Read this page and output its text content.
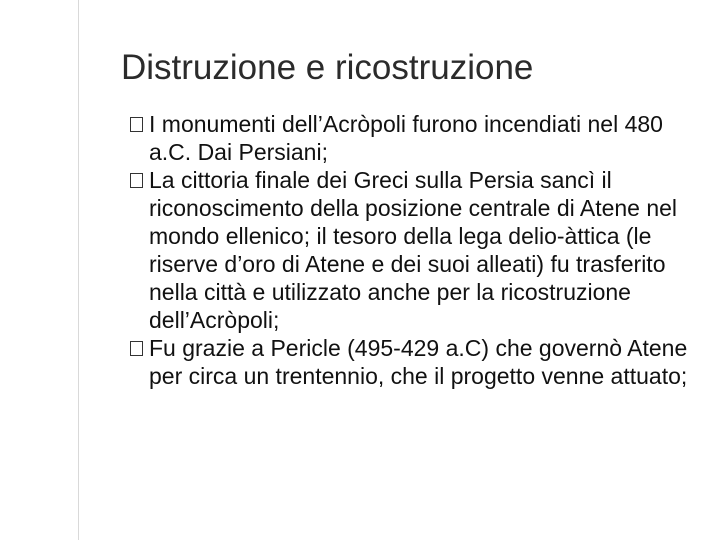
Distruzione e ricostruzione
I monumenti dell’Acròpoli furono incendiati nel 480 a.C. Dai Persiani;
La cittoria finale dei Greci sulla Persia sancì il riconoscimento della posizione centrale di Atene nel mondo ellenico; il tesoro della lega delio-àttica (le riserve d’oro di Atene e dei suoi alleati) fu trasferito nella città e utilizzato anche per la ricostruzione dell’Acròpoli;
Fu grazie a Pericle (495-429 a.C) che governò Atene per circa un trentennio, che il progetto venne attuato;
